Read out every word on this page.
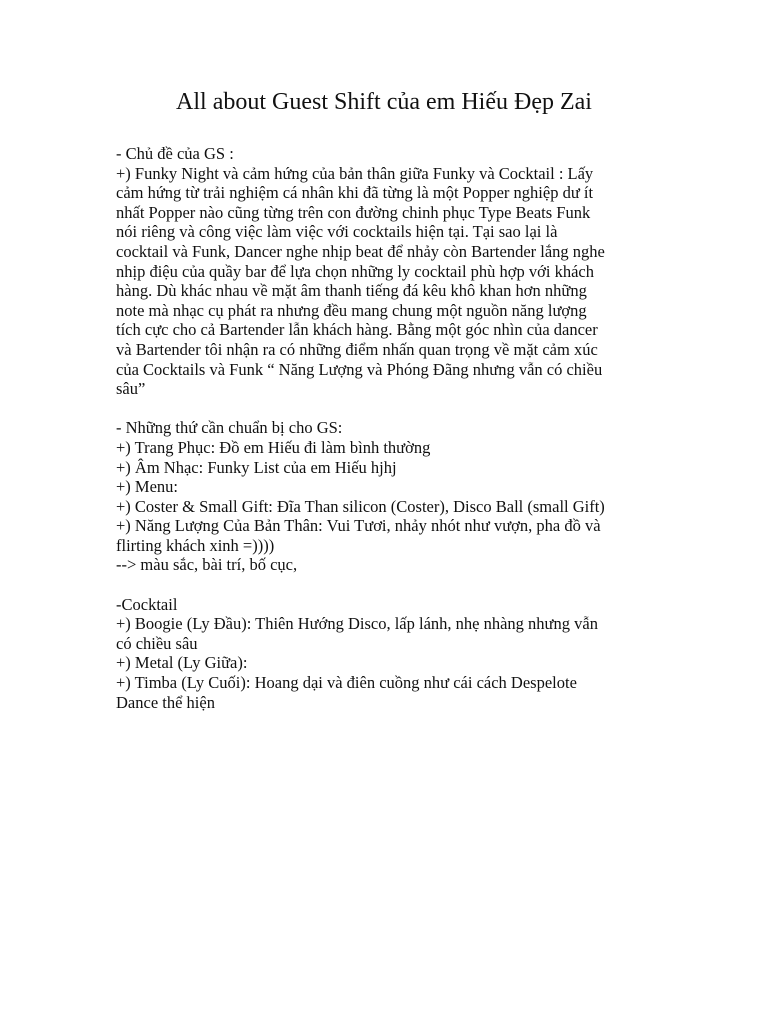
All about Guest Shift của em Hiếu Đẹp Zai
- Chủ đề của GS :
+) Funky Night và cảm hứng của bản thân giữa Funky và Cocktail : Lấy
cảm hứng từ trải nghiệm cá nhân khi đã từng là một Popper nghiệp dư ít
nhất Popper nào cũng từng trên con đường chinh phục Type Beats Funk
nói riêng và công việc làm việc với cocktails hiện tại. Tại sao lại là
cocktail và Funk, Dancer nghe nhịp beat để nhảy còn Bartender lắng nghe
nhịp điệu của quầy bar để lựa chọn những ly cocktail phù hợp với khách
hàng. Dù khác nhau về mặt âm thanh tiếng đá kêu khô khan hơn những
note mà nhạc cụ phát ra nhưng đều mang chung một nguồn năng lượng
tích cực cho cả Bartender lẫn khách hàng. Bằng một góc nhìn của dancer
và Bartender tôi nhận ra có những điểm nhấn quan trọng về mặt cảm xúc
của Cocktails và Funk “ Năng Lượng và Phóng Đãng nhưng vẫn có chiều
sâu”
- Những thứ cần chuẩn bị cho GS:
+) Trang Phục: Đồ em Hiếu đi làm bình thường
+) Âm Nhạc: Funky List của em Hiếu hjhj
+) Menu:
+) Coster & Small Gift: Đĩa Than silicon (Coster), Disco Ball (small Gift)
+) Năng Lượng Của Bản Thân: Vui Tươi, nhảy nhót như vượn, pha đồ và
flirting khách xinh =))))
--> màu sắc, bài trí, bố cục,
-Cocktail
+) Boogie (Ly Đầu): Thiên Hướng Disco, lấp lánh, nhẹ nhàng nhưng vẫn
có chiều sâu
+) Metal (Ly Giữa):
+) Timba (Ly Cuối): Hoang dại và điên cuồng như cái cách Despelote
Dance thể hiện
